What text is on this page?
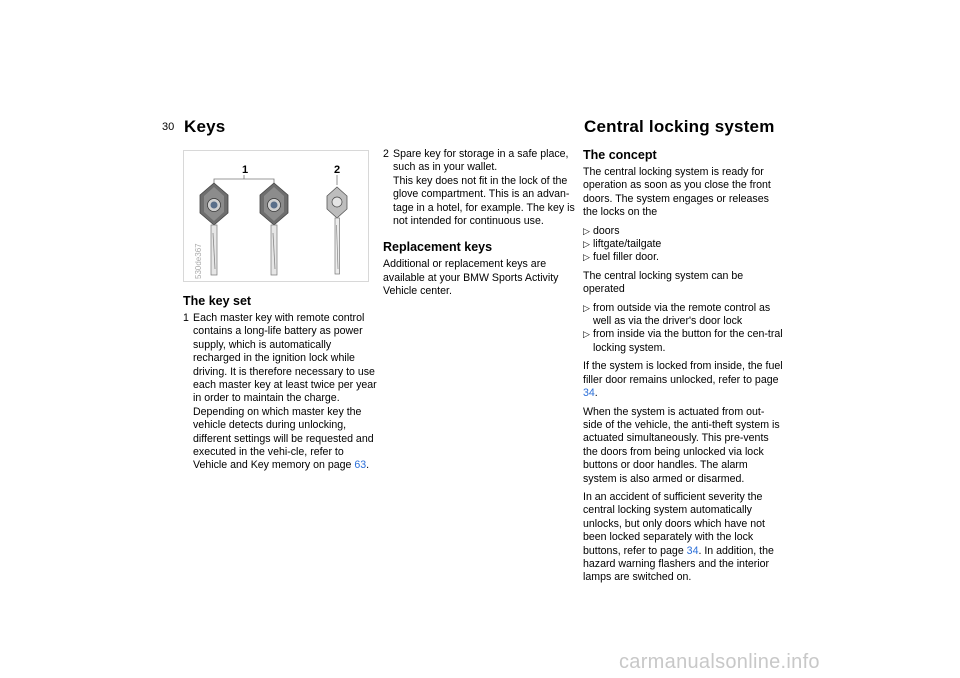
30 Keys	Central locking system
1	2
530de367
The key set
1 Each master key with remote control contains a long-life battery as power supply, which is automatically recharged in the ignition lock while driving. It is therefore necessary to use each master key at least twice per year in order to maintain the charge. Depending on which master key the vehicle detects during unlocking, different settings will be requested and executed in the vehi-cle, refer to Vehicle and Key memory on page 63.
2 Spare key for storage in a safe place, such as in your wallet.
This key does not fit in the lock of the glove compartment. This is an advan-tage in a hotel, for example. The key is not intended for continuous use.
Replacement keys

Additional or replacement keys are available at your BMW Sports Activity Vehicle center.

The concept

The central locking system is ready for operation as soon as you close the front doors. The system engages or releases the locks on the

▷ doors
▷ liftgate/tailgate
▷ fuel filler door.

The central locking system can be operated

▷ from outside via the remote control as well as via the driver's door lock
▷ from inside via the button for the cen-tral locking system.

If the system is locked from inside, the fuel filler door remains unlocked, refer to page 34.

When the system is actuated from out-side of the vehicle, the anti-theft system is actuated simultaneously. This pre-vents the doors from being unlocked via lock buttons or door handles. The alarm system is also armed or disarmed.

In an accident of sufficient severity the central locking system automatically unlocks, but only doors which have not been locked separately with the lock buttons, refer to page 34. In addition, the hazard warning flashers and the interior lamps are switched on.

carmanualsonline.info
